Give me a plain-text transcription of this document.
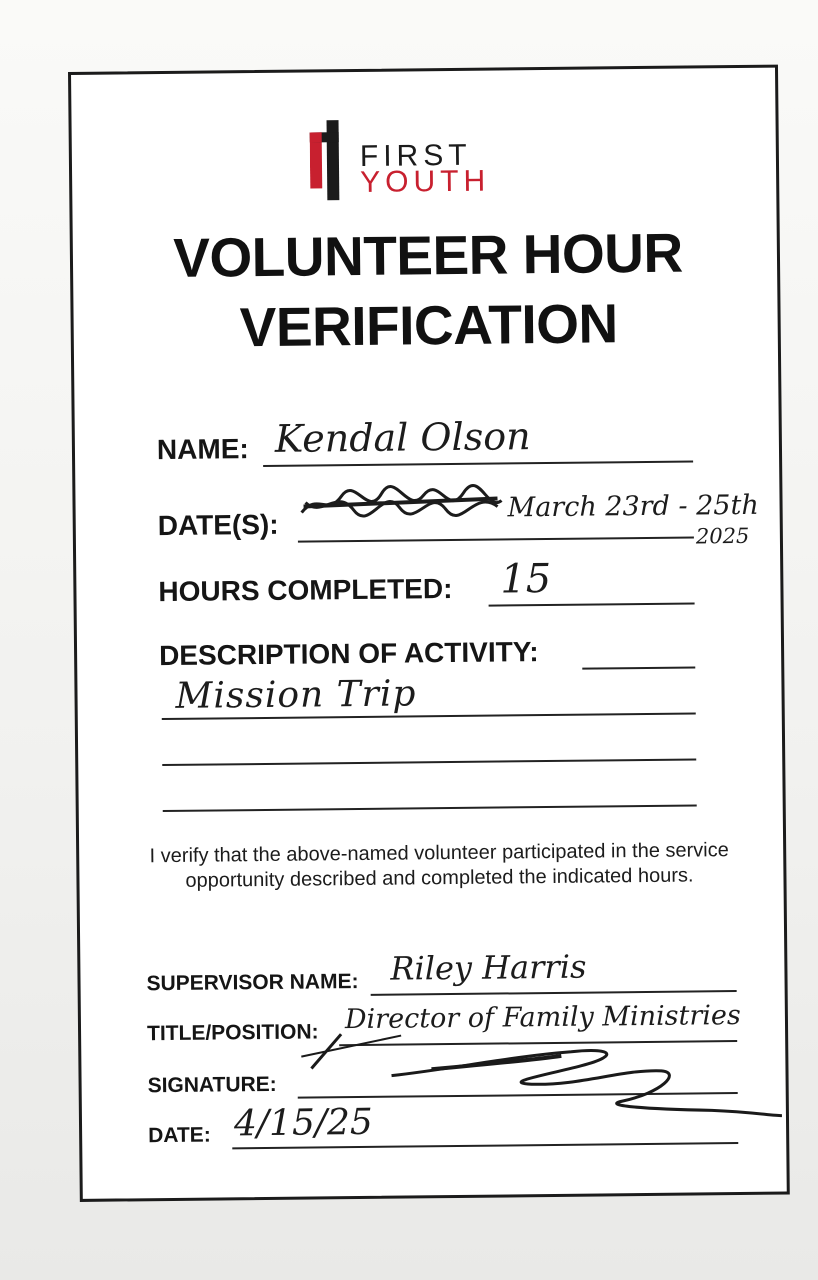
FIRST
YOUTH
VOLUNTEER HOUR
VERIFICATION
NAME: Kendal Olson
DATE(S):
March 23rd - 25th
2025
HOURS COMPLETED: 15
DESCRIPTION OF ACTIVITY:
Mission Trip
I verify that the above-named volunteer participated in the service opportunity described and completed the indicated hours.
SUPERVISOR NAME: Riley Harris
TITLE/POSITION: Director of Family Ministries
SIGNATURE:
DATE: 4/15/25
